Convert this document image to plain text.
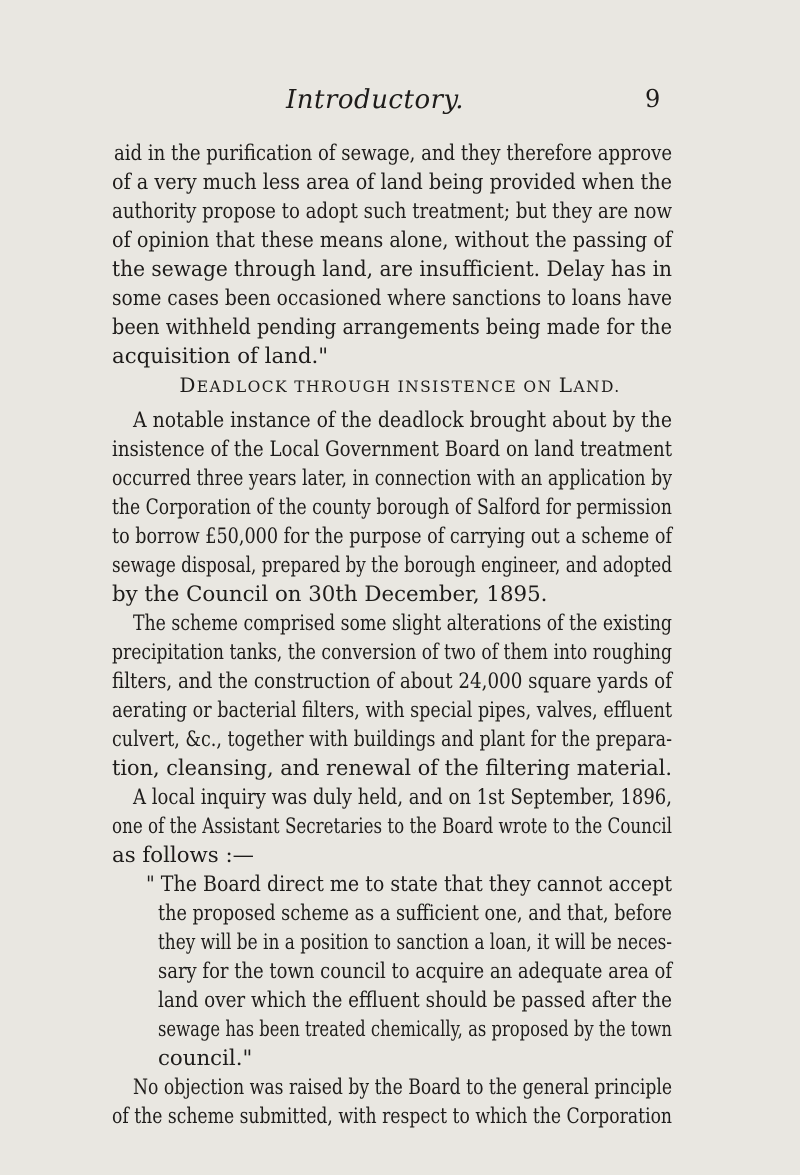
Introductory.	9
aid in the purification of sewage, and they therefore approve
of a very much less area of land being provided when the
authority propose to adopt such treatment; but they are now
of opinion that these means alone, without the passing of
the sewage through land, are insufficient. Delay has in
some cases been occasioned where sanctions to loans have
been withheld pending arrangements being made for the
acquisition of land."
DEADLOCK THROUGH INSISTENCE ON LAND.
A notable instance of the deadlock brought about by the
insistence of the Local Government Board on land treatment
occurred three years later, in connection with an application by
the Corporation of the county borough of Salford for permission
to borrow £50,000 for the purpose of carrying out a scheme of
sewage disposal, prepared by the borough engineer, and adopted
by the Council on 30th December, 1895.
The scheme comprised some slight alterations of the existing
precipitation tanks, the conversion of two of them into roughing
filters, and the construction of about 24,000 square yards of
aerating or bacterial filters, with special pipes, valves, effluent
culvert, &c., together with buildings and plant for the prepara-
tion, cleansing, and renewal of the filtering material.
A local inquiry was duly held, and on 1st September, 1896,
one of the Assistant Secretaries to the Board wrote to the Council
as follows :—
" The Board direct me to state that they cannot accept
the proposed scheme as a sufficient one, and that, before
they will be in a position to sanction a loan, it will be neces-
sary for the town council to acquire an adequate area of
land over which the effluent should be passed after the
sewage has been treated chemically, as proposed by the town
council."
No objection was raised by the Board to the general principle
of the scheme submitted, with respect to which the Corporation
